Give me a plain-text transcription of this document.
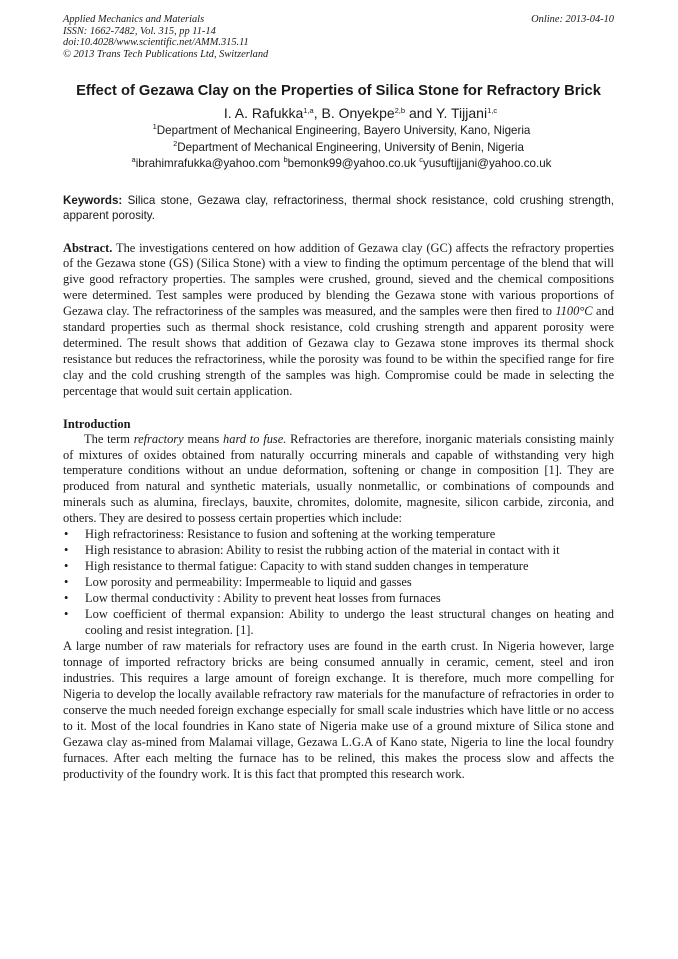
Applied Mechanics and Materials
ISSN: 1662-7482, Vol. 315, pp 11-14
doi:10.4028/www.scientific.net/AMM.315.11
© 2013 Trans Tech Publications Ltd, Switzerland
Online: 2013-04-10
Effect of Gezawa Clay on the Properties of Silica Stone for Refractory Brick
I. A. Rafukka$^{1,a}$, B. Onyekpe$^{2,b}$ and Y. Tijjani$^{1,c}$
$^1$Department of Mechanical Engineering, Bayero University, Kano, Nigeria
$^2$Department of Mechanical Engineering, University of Benin, Nigeria
$^a$ibrahimrafukka@yahoo.com $^b$bemonk99@yahoo.co.uk $^c$yusuftijjani@yahoo.co.uk
Keywords: Silica stone, Gezawa clay, refractoriness, thermal shock resistance, cold crushing strength, apparent porosity.
Abstract. The investigations centered on how addition of Gezawa clay (GC) affects the refractory properties of the Gezawa stone (GS) (Silica Stone) with a view to finding the optimum percentage of the blend that will give good refractory properties. The samples were crushed, ground, sieved and the chemical compositions were determined. Test samples were produced by blending the Gezawa stone with various proportions of Gezawa clay. The refractoriness of the samples was measured, and the samples were then fired to 1100°C and standard properties such as thermal shock resistance, cold crushing strength and apparent porosity were determined. The result shows that addition of Gezawa clay to Gezawa stone improves its thermal shock resistance but reduces the refractoriness, while the porosity was found to be within the specified range for fire clay and the cold crushing strength of the samples was high. Compromise could be made in selecting the percentage that would suit certain application.
Introduction
The term refractory means hard to fuse. Refractories are therefore, inorganic materials consisting mainly of mixtures of oxides obtained from naturally occurring minerals and capable of withstanding very high temperature conditions without an undue deformation, softening or change in composition [1]. They are produced from natural and synthetic materials, usually nonmetallic, or combinations of compounds and minerals such as alumina, fireclays, bauxite, chromites, dolomite, magnesite, silicon carbide, zirconia, and others. They are desired to possess certain properties which include:
• High refractoriness: Resistance to fusion and softening at the working temperature
• High resistance to abrasion: Ability to resist the rubbing action of the material in contact with it
• High resistance to thermal fatigue: Capacity to with stand sudden changes in temperature
• Low porosity and permeability: Impermeable to liquid and gasses
• Low thermal conductivity : Ability to prevent heat losses from furnaces
• Low coefficient of thermal expansion: Ability to undergo the least structural changes on heating and cooling and resist integration. [1].
A large number of raw materials for refractory uses are found in the earth crust. In Nigeria however, large tonnage of imported refractory bricks are being consumed annually in ceramic, cement, steel and iron industries. This requires a large amount of foreign exchange. It is therefore, much more compelling for Nigeria to develop the locally available refractory raw materials for the manufacture of refractories in order to conserve the much needed foreign exchange especially for small scale industries which have little or no access to it. Most of the local foundries in Kano state of Nigeria make use of a ground mixture of Silica stone and Gezawa clay as-mined from Malamai village, Gezawa L.G.A of Kano state, Nigeria to line the local foundry furnaces. After each melting the furnace has to be relined, this makes the process slow and affects the productivity of the foundry work. It is this fact that prompted this research work.
